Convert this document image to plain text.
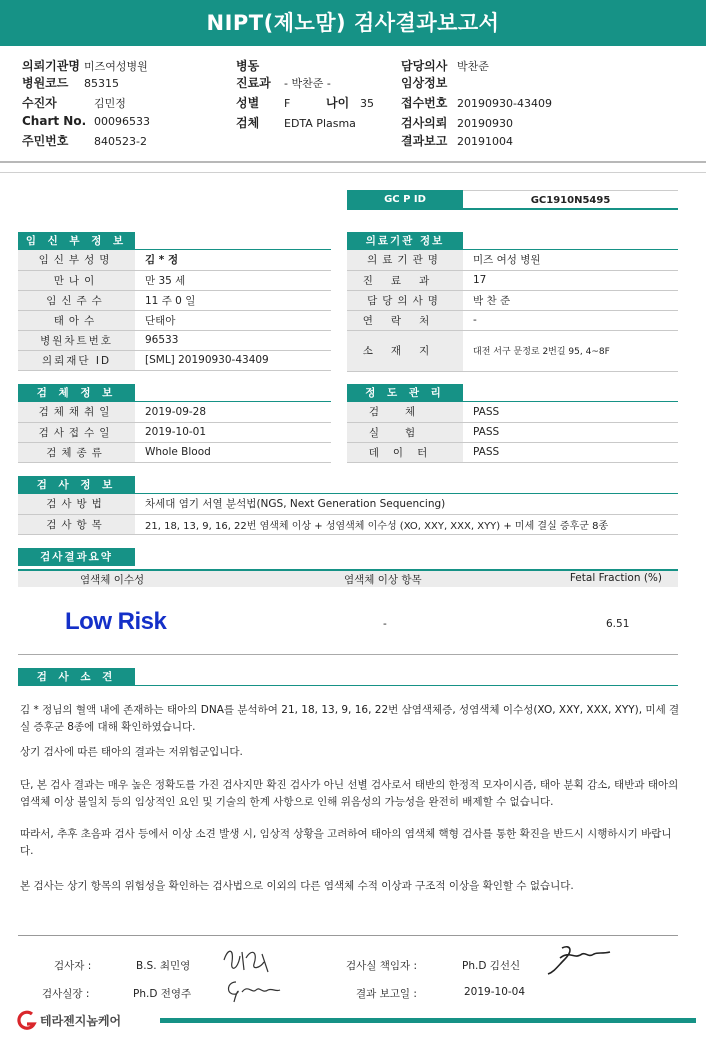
NIPT(제노맘) 검사결과보고서
의뢰기관명 미즈여성병원
병원코드 85315
수진자	김민정
Chart No. 00096533
주민번호 840523-2
병동
진료과 - 박찬준 -
성별 F	나이 35
검체 EDTA Plasma
담당의사 박찬준
임상정보
접수번호 20190930-43409
검사의뢰 20190930
결과보고 20191004
GC P ID	GC1910N5495
임 신 부 정 보
임신부성명	김 * 정
만나이	만 35 세
임신주수	11 주 0 일
태아수	단태아
병원차트번호	96533
의뢰재단 ID	[SML] 20190930-43409
의료기관 정보
의료기관명	미즈 여성 병원
진료과	17
담당의사명	박 찬 준
연락처	-
소재지	대전 서구 문정로 2번길 95, 4~8F
검 체 정 보
검체채취일	2019-09-28
검사접수일	2019-10-01
검체종류	Whole Blood
정 도 관 리
검체	PASS
실험	PASS
데이터	PASS
검 사 정 보
검사방법	차세대 염기 서열 분석법(NGS, Next Generation Sequencing)
검사항목	21, 18, 13, 9, 16, 22번 염색체 이상 + 성염색체 이수성 (XO, XXY, XXX, XYY) + 미세 결실 증후군 8종
검사결과요약
염색체 이수성	염색체 이상 항목	Fetal Fraction (%)
Low Risk	-	6.51
검 사 소 견
김 * 정님의 혈액 내에 존재하는 태아의 DNA를 분석하여 21, 18, 13, 9, 16, 22번 삼염색체증, 성염색체 이수성(XO, XXY, XXX, XYY), 미세 결실 증후군 8종에 대해 확인하였습니다.
상기 검사에 따른 태아의 결과는 저위험군입니다.
단, 본 검사 결과는 매우 높은 정확도를 가진 검사지만 확진 검사가 아닌 선별 검사로서 태반의 한정적 모자이시즘, 태아 분획 감소, 태반과 태아의 염색체 이상 불일치 등의 임상적인 요인 및 기술의 한계 사항으로 인해 위음성의 가능성을 완전히 배제할 수 없습니다.
따라서, 추후 초음파 검사 등에서 이상 소견 발생 시, 임상적 상황을 고려하여 태아의 염색체 핵형 검사를 통한 확진을 반드시 시행하시기 바랍니다.
본 검사는 상기 항목의 위험성을 확인하는 검사법으로 이외의 다른 염색체 수적 이상과 구조적 이상을 확인할 수 없습니다.
검사자 :	B.S. 최민영
검사실장 :	Ph.D 전영주
검사실 책임자 :	Ph.D 김선신
결과 보고일 :	2019-10-04
테라젠지놈케어
